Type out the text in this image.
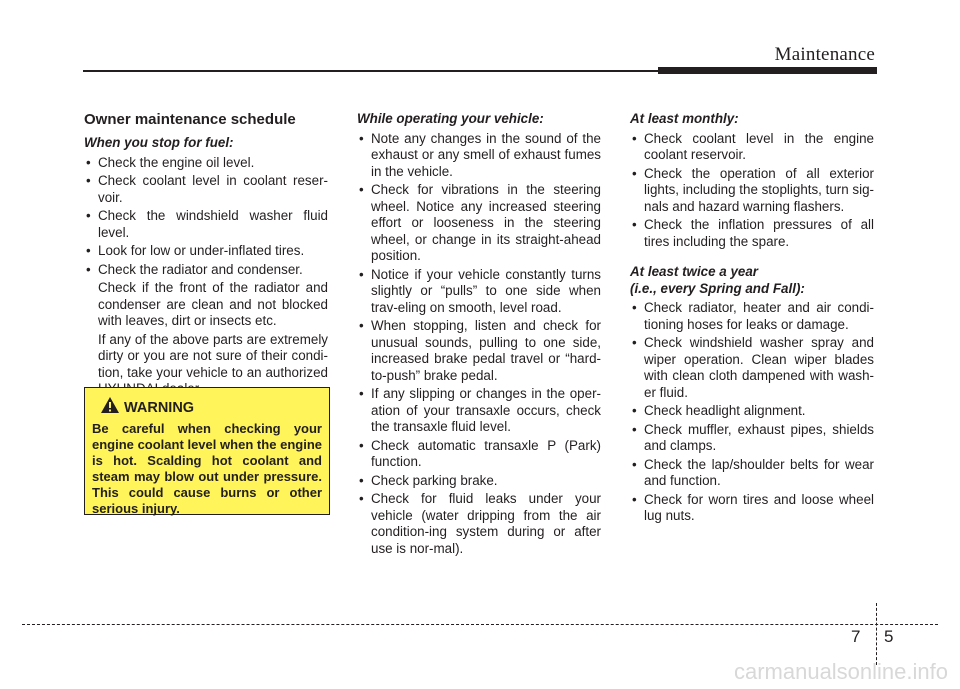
Maintenance
Owner maintenance schedule
When you stop for fuel:
• Check the engine oil level.
• Check coolant level in coolant reser-voir.
• Check the windshield washer fluid level.
• Look for low or under-inflated tires.
• Check the radiator and condenser.
Check if the front of the radiator and condenser are clean and not blocked with leaves, dirt or insects etc.
If any of the above parts are extremely dirty or you are not sure of their condi-tion, take your vehicle to an authorized
WARNING
Be careful when checking your engine coolant level when the engine is hot. Scalding hot coolant and steam may blow out under pressure. This could cause burns or other serious injury.
While operating your vehicle:
• Note any changes in the sound of the exhaust or any smell of exhaust fumes in the vehicle.
• Check for vibrations in the steering wheel. Notice any increased steering effort or looseness in the steering wheel, or change in its straight-ahead position.
• Notice if your vehicle constantly turns slightly or “pulls” to one side when trav-eling on smooth, level road.
• When stopping, listen and check for unusual sounds, pulling to one side, increased brake pedal travel or “hard-to-push” brake pedal.
• If any slipping or changes in the oper-ation of your transaxle occurs, check the transaxle fluid level.
• Check automatic transaxle P (Park) function.
• Check parking brake.
• Check for fluid leaks under your vehicle (water dripping from the air condition-ing system during or after use is nor-mal).
At least monthly:
• Check coolant level in the engine coolant reservoir.
• Check the operation of all exterior lights, including the stoplights, turn sig-nals and hazard warning flashers.
• Check the inflation pressures of all tires including the spare.
At least twice a year
(i.e., every Spring and Fall):
• Check radiator, heater and air condi-tioning hoses for leaks or damage.
• Check windshield washer spray and wiper operation. Clean wiper blades with clean cloth dampened with wash-er fluid.
• Check headlight alignment.
• Check muffler, exhaust pipes, shields and clamps.
• Check the lap/shoulder belts for wear and function.
• Check for worn tires and loose wheel lug nuts.
7 5
carmanualsonline.info
